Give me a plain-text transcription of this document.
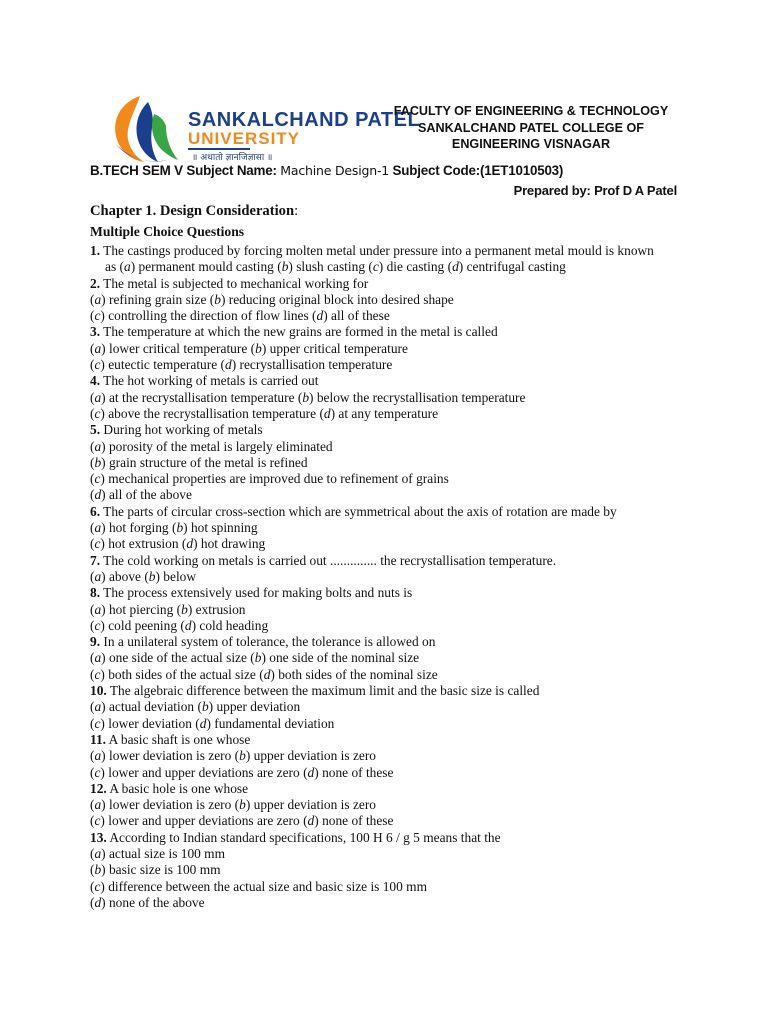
SANKALCHAND PATEL
UNIVERSITY
॥ अथातो ज्ञानजिज्ञासा ॥
FACULTY OF ENGINEERING & TECHNOLOGY
SANKALCHAND PATEL COLLEGE OF
ENGINEERING VISNAGAR
B.TECH SEM V Subject Name: Machine Design-1 Subject Code:(1ET1010503)
Prepared by: Prof D A Patel
Chapter 1. Design Consideration:
Multiple Choice Questions
1. The castings produced by forcing molten metal under pressure into a permanent metal mould is known
as (a) permanent mould casting (b) slush casting (c) die casting (d) centrifugal casting
2. The metal is subjected to mechanical working for
(a) refining grain size (b) reducing original block into desired shape
(c) controlling the direction of flow lines (d) all of these
3. The temperature at which the new grains are formed in the metal is called
(a) lower critical temperature (b) upper critical temperature
(c) eutectic temperature (d) recrystallisation temperature
4. The hot working of metals is carried out
(a) at the recrystallisation temperature (b) below the recrystallisation temperature
(c) above the recrystallisation temperature (d) at any temperature
5. During hot working of metals
(a) porosity of the metal is largely eliminated
(b) grain structure of the metal is refined
(c) mechanical properties are improved due to refinement of grains
(d) all of the above
6. The parts of circular cross-section which are symmetrical about the axis of rotation are made by
(a) hot forging (b) hot spinning
(c) hot extrusion (d) hot drawing
7. The cold working on metals is carried out .............. the recrystallisation temperature.
(a) above (b) below
8. The process extensively used for making bolts and nuts is
(a) hot piercing (b) extrusion
(c) cold peening (d) cold heading
9. In a unilateral system of tolerance, the tolerance is allowed on
(a) one side of the actual size (b) one side of the nominal size
(c) both sides of the actual size (d) both sides of the nominal size
10. The algebraic difference between the maximum limit and the basic size is called
(a) actual deviation (b) upper deviation
(c) lower deviation (d) fundamental deviation
11. A basic shaft is one whose
(a) lower deviation is zero (b) upper deviation is zero
(c) lower and upper deviations are zero (d) none of these
12. A basic hole is one whose
(a) lower deviation is zero (b) upper deviation is zero
(c) lower and upper deviations are zero (d) none of these
13. According to Indian standard specifications, 100 H 6 / g 5 means that the
(a) actual size is 100 mm
(b) basic size is 100 mm
(c) difference between the actual size and basic size is 100 mm
(d) none of the above
